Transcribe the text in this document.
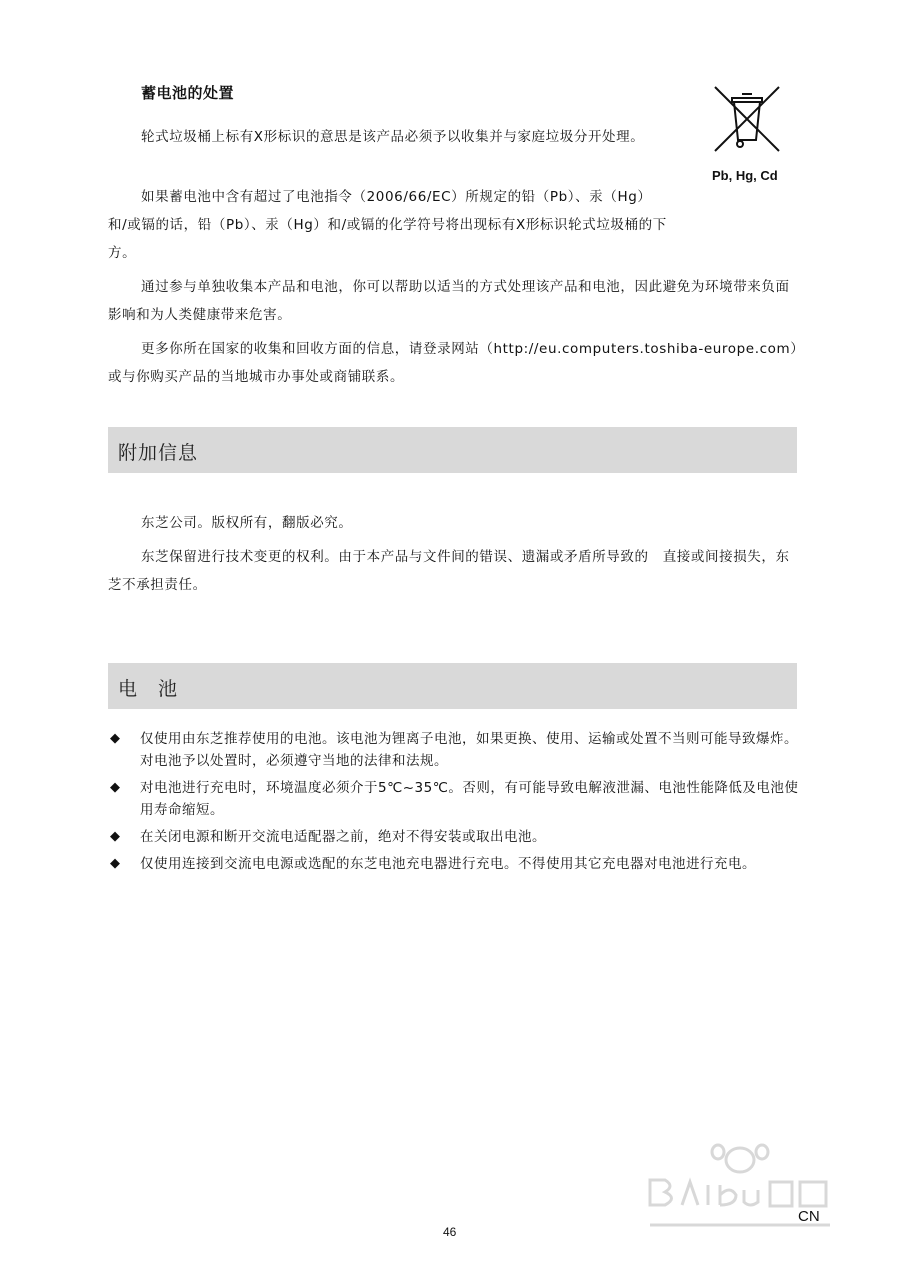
蓄电池的处置

轮式垃圾桶上标有X形标识的意思是该产品必须予以收集并与家庭垃圾分开处理。

如果蓄电池中含有超过了电池指令（2006/66/EC）所规定的铅（Pb）、汞（Hg）和/或镉的话，铅（Pb）、汞（Hg）和/或镉的化学符号将出现标有X形标识轮式垃圾桶的下方。

通过参与单独收集本产品和电池，你可以帮助以适当的方式处理该产品和电池，因此避免为环境带来负面影响和为人类健康带来危害。

更多你所在国家的收集和回收方面的信息，请登录网站（http://eu.computers.toshiba-europe.com）或与你购买产品的当地城市办事处或商铺联系。

Pb, Hg, Cd
附加信息

东芝公司。版权所有，翻版必究。

东芝保留进行技术变更的权利。由于本产品与文件间的错误、遗漏或矛盾所导致的　直接或间接损失，东芝不承担责任。

电　池
◆ 仅使用由东芝推荐使用的电池。该电池为锂离子电池，如果更换、使用、运输或处置不当则可能导致爆炸。对电池予以处置时，必须遵守当地的法律和法规。
◆ 对电池进行充电时，环境温度必须介于5℃~35℃。否则，有可能导致电解液泄漏、电池性能降低及电池使用寿命缩短。
◆ 在关闭电源和断开交流电适配器之前，绝对不得安装或取出电池。
◆ 仅使用连接到交流电电源或选配的东芝电池充电器进行充电。不得使用其它充电器对电池进行充电。
CN
46
